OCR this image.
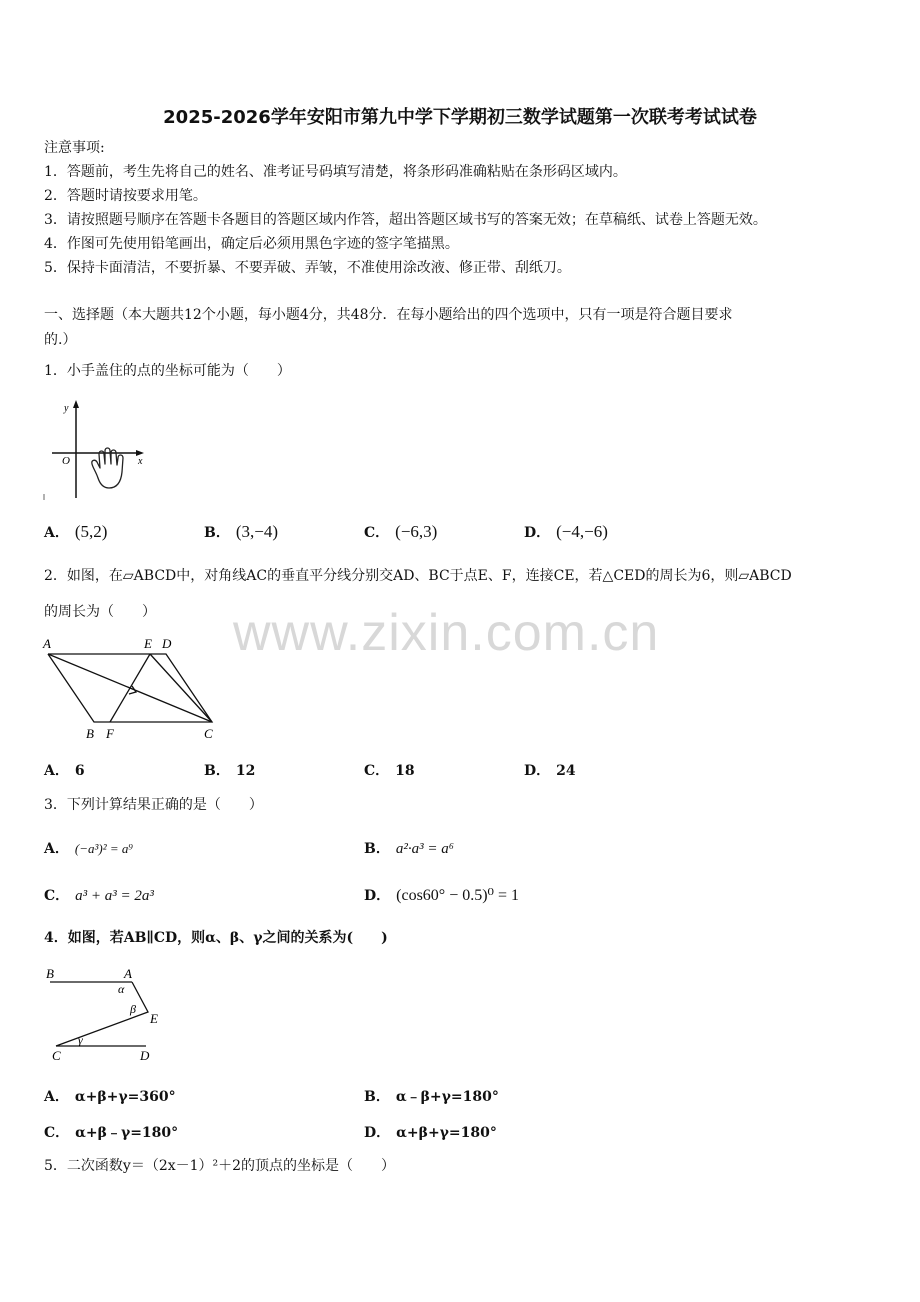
2025-2026学年安阳市第九中学下学期初三数学试题第一次联考考试试卷
注意事项:
1．答题前，考生先将自己的姓名、准考证号码填写清楚，将条形码准确粘贴在条形码区域内。
2．答题时请按要求用笔。
3．请按照题号顺序在答题卡各题目的答题区域内作答，超出答题区域书写的答案无效；在草稿纸、试卷上答题无效。
4．作图可先使用铅笔画出，确定后必须用黑色字迹的签字笔描黑。
5．保持卡面清洁，不要折暴、不要弄破、弄皱，不准使用涂改液、修正带、刮纸刀。
一、选择题（本大题共12个小题，每小题4分，共48分．在每小题给出的四个选项中，只有一项是符合题目要求
的.）
1．小手盖住的点的坐标可能为（　　）
y
O	x
A． (5,2)	B． (3,−4)	C． (−6,3)	D． (−4,−6)
2．如图，在▱ABCD中，对角线AC的垂直平分线分别交AD、BC于点E、F，连接CE，若△CED的周长为6，则▱ABCD
的周长为（　　） www.zixin.com.cn
A	E D
B F	C
A． 6	B． 12	C． 18	D． 24
3．下列计算结果正确的是（　　）
A． (−a³)² = a⁹	B． a²·a³ = a⁶
C． a³ + a³ = 2a³	D． (cos60° − 0.5)⁰ = 1
4．如图，若AB∥CD，则α、β、γ之间的关系为(　　)
B	A
α
β
E
C
γ
D
A． α+β+γ=360°	B． α﹣β+γ=180°
C． α+β﹣γ=180°	D． α+β+γ=180°
5．二次函数y＝（2x－1）²＋2的顶点的坐标是（　　）
